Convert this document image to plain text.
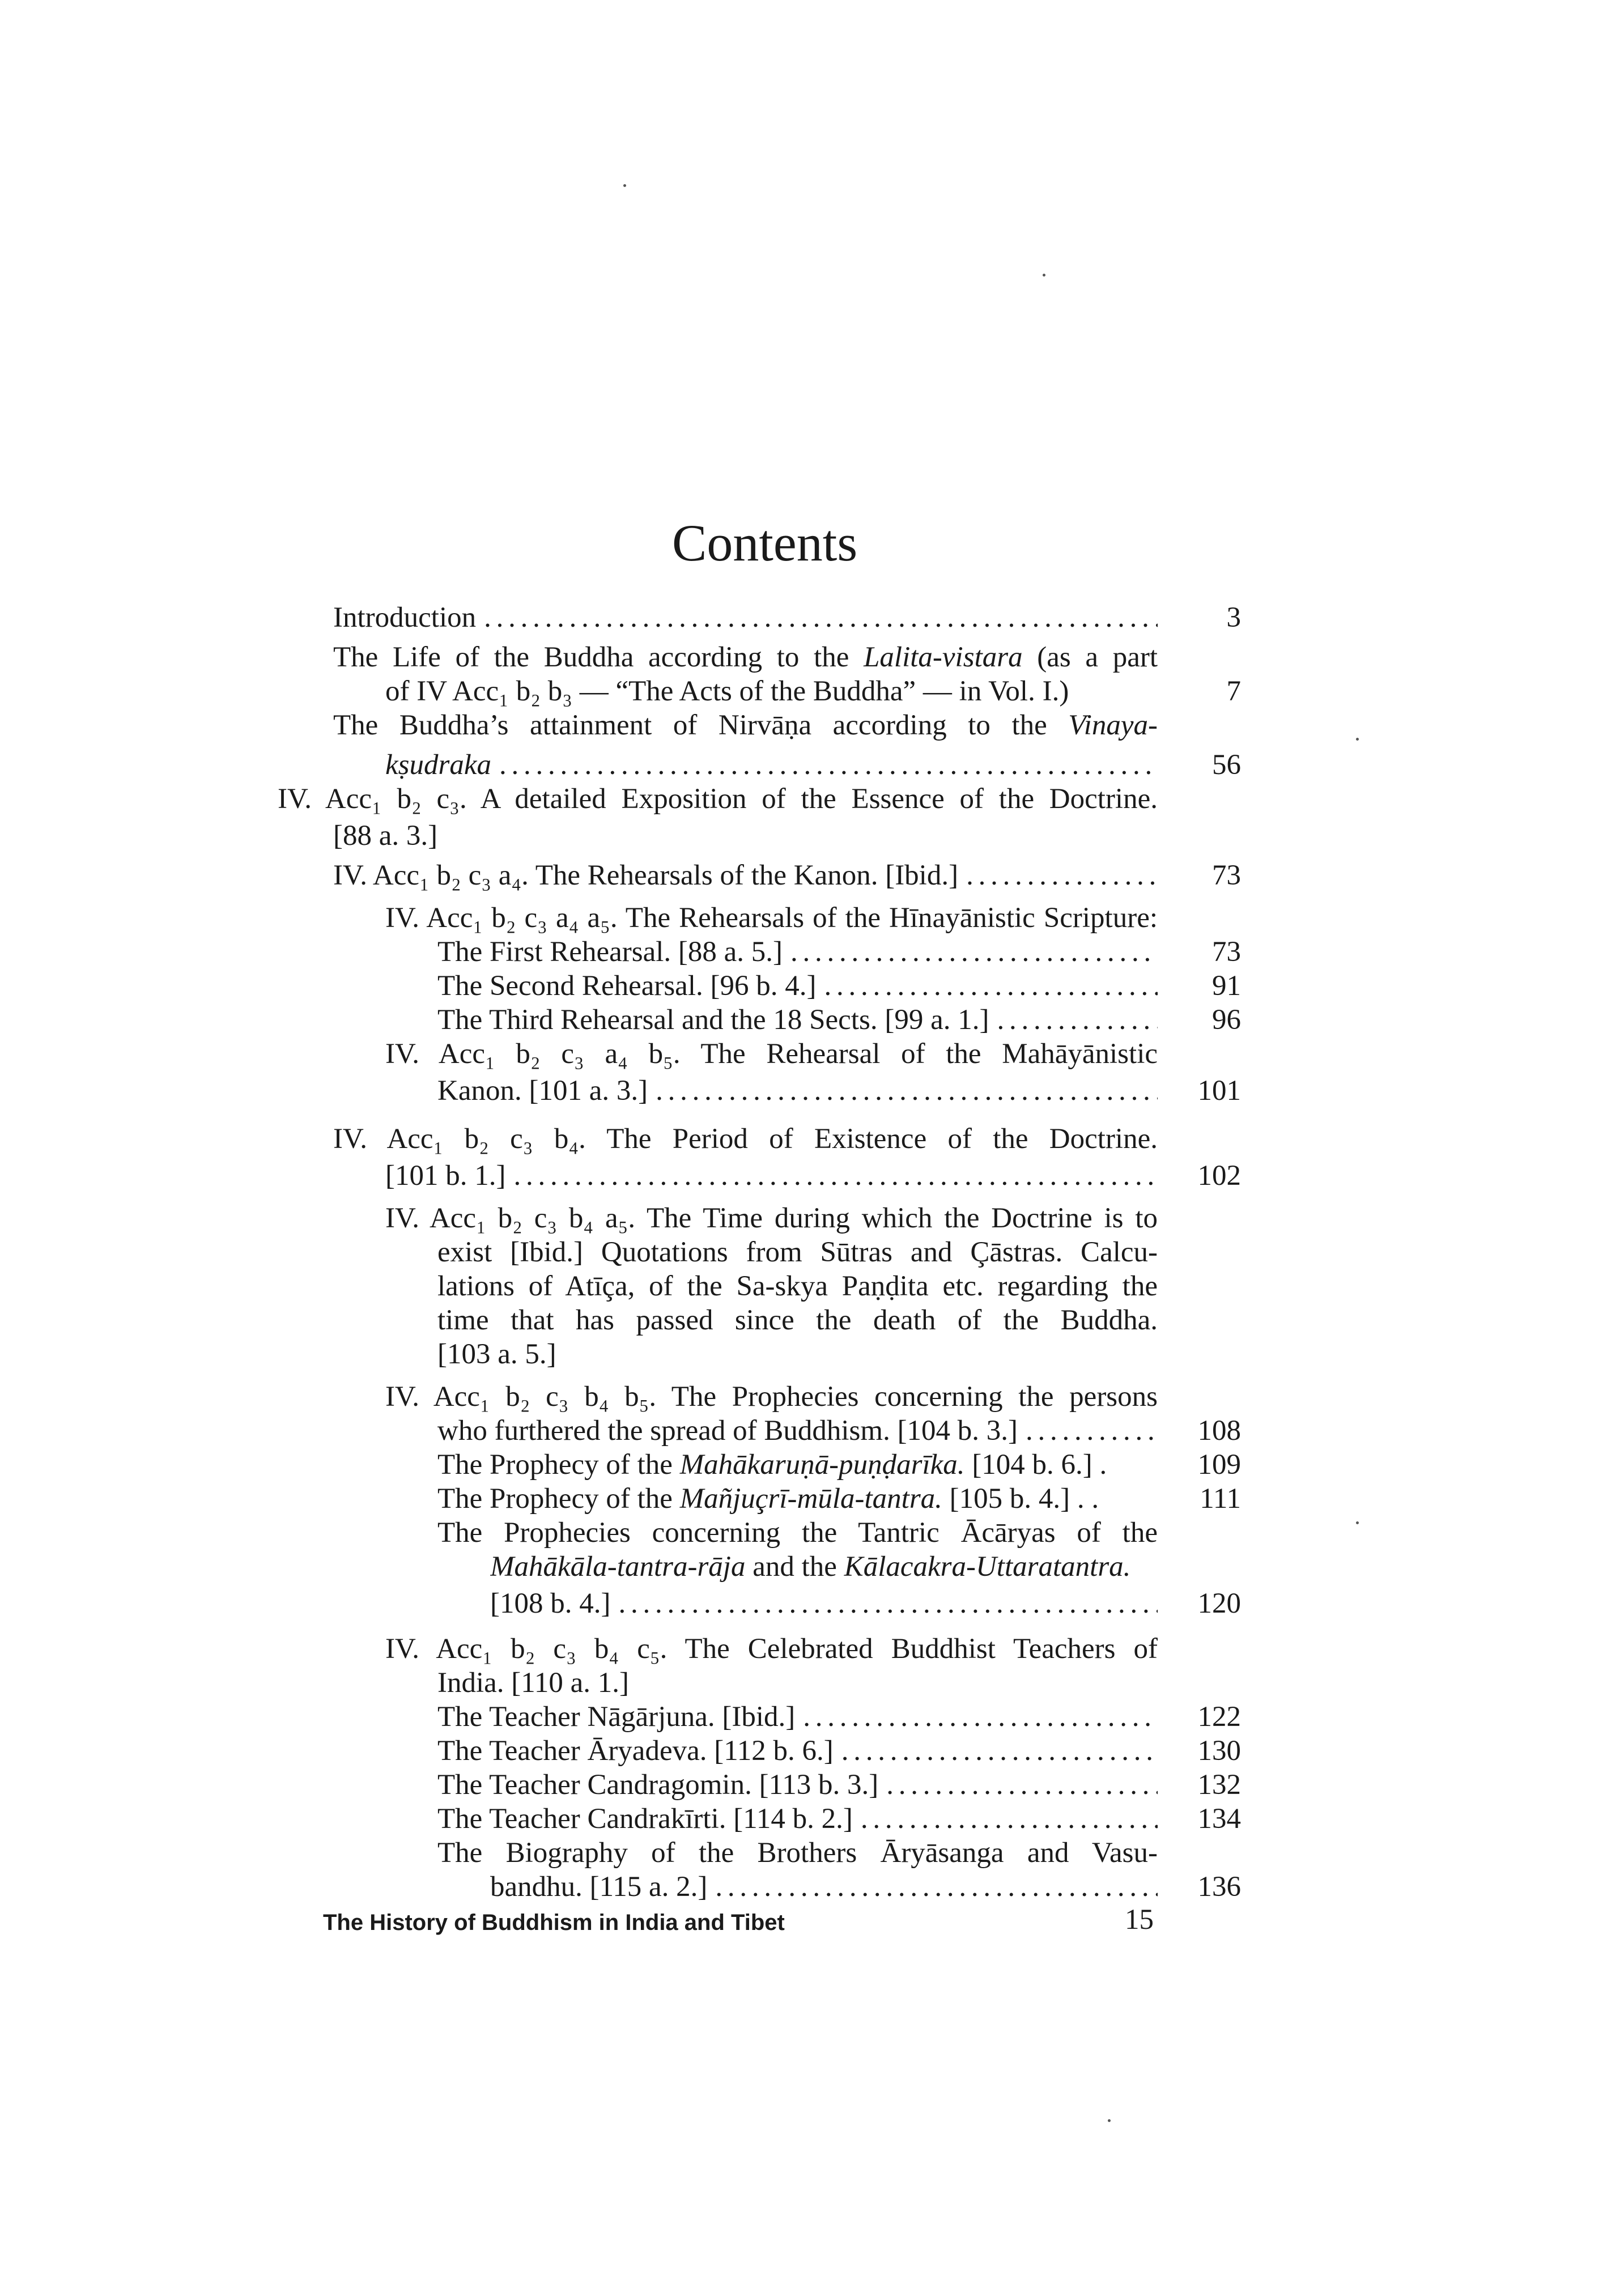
Contents
Introduction . . .	3
The Life of the Buddha according to the Lalita-vistara (as a part
of IV Acc₁ b₂ b₃ — “The Acts of the Buddha” — in Vol. I.)	7
The Buddha’s attainment of Nirvāṇa according to the Vinaya-
kṣudraka . . .	56
IV. Acc₁ b₂ c₃. A detailed Exposition of the Essence of the Doctrine.
[88 a. 3.]
IV. Acc₁ b₂ c₃ a₄. The Rehearsals of the Kanon. [Ibid.] . . .	73
IV. Acc₁ b₂ c₃ a₄ a₅. The Rehearsals of the Hīnayānistic Scripture:
The First Rehearsal. [88 a. 5.] . . .	73
The Second Rehearsal. [96 b. 4.] . . .	91
The Third Rehearsal and the 18 Sects. [99 a. 1.] . . .	96
IV. Acc₁ b₂ c₃ a₄ b₅. The Rehearsal of the Mahāyānistic
Kanon. [101 a. 3.] . . .	101
IV. Acc₁ b₂ c₃ b₄. The Period of Existence of the Doctrine.
[101 b. 1.] . . .	102
IV. Acc₁ b₂ c₃ b₄ a₅. The Time during which the Doctrine is to
exist [Ibid.] Quotations from Sūtras and Çāstras. Calcu-
lations of Atīça, of the Sa-skya Paṇḍita etc. regarding the
time that has passed since the death of the Buddha.
[103 a. 5.]
IV. Acc₁ b₂ c₃ b₄ b₅. The Prophecies concerning the persons
who furthered the spread of Buddhism. [104 b. 3.] . . .	108
The Prophecy of the Mahākaruṇā-puṇḍarīka. [104 b. 6.] .	109
The Prophecy of the Mañjuçrī-mūla-tantra. [105 b. 4.] . .	111
The Prophecies concerning the Tantric Ācāryas of the
Mahākāla-tantra-rāja and the Kālacakra-Uttaratantra.
[108 b. 4.] . . .	120
IV. Acc₁ b₂ c₃ b₄ c₅. The Celebrated Buddhist Teachers of
India. [110 a. 1.]
The Teacher Nāgārjuna. [Ibid.] . . .	122
The Teacher Āryadeva. [112 b. 6.] . . .	130
The Teacher Candragomin. [113 b. 3.] . . .	132
The Teacher Candrakīrti. [114 b. 2.] . . .	134
The Biography of the Brothers Āryāsanga and Vasu-
bandhu. [115 a. 2.] . . .	136
The History of Buddhism in India and Tibet	15
